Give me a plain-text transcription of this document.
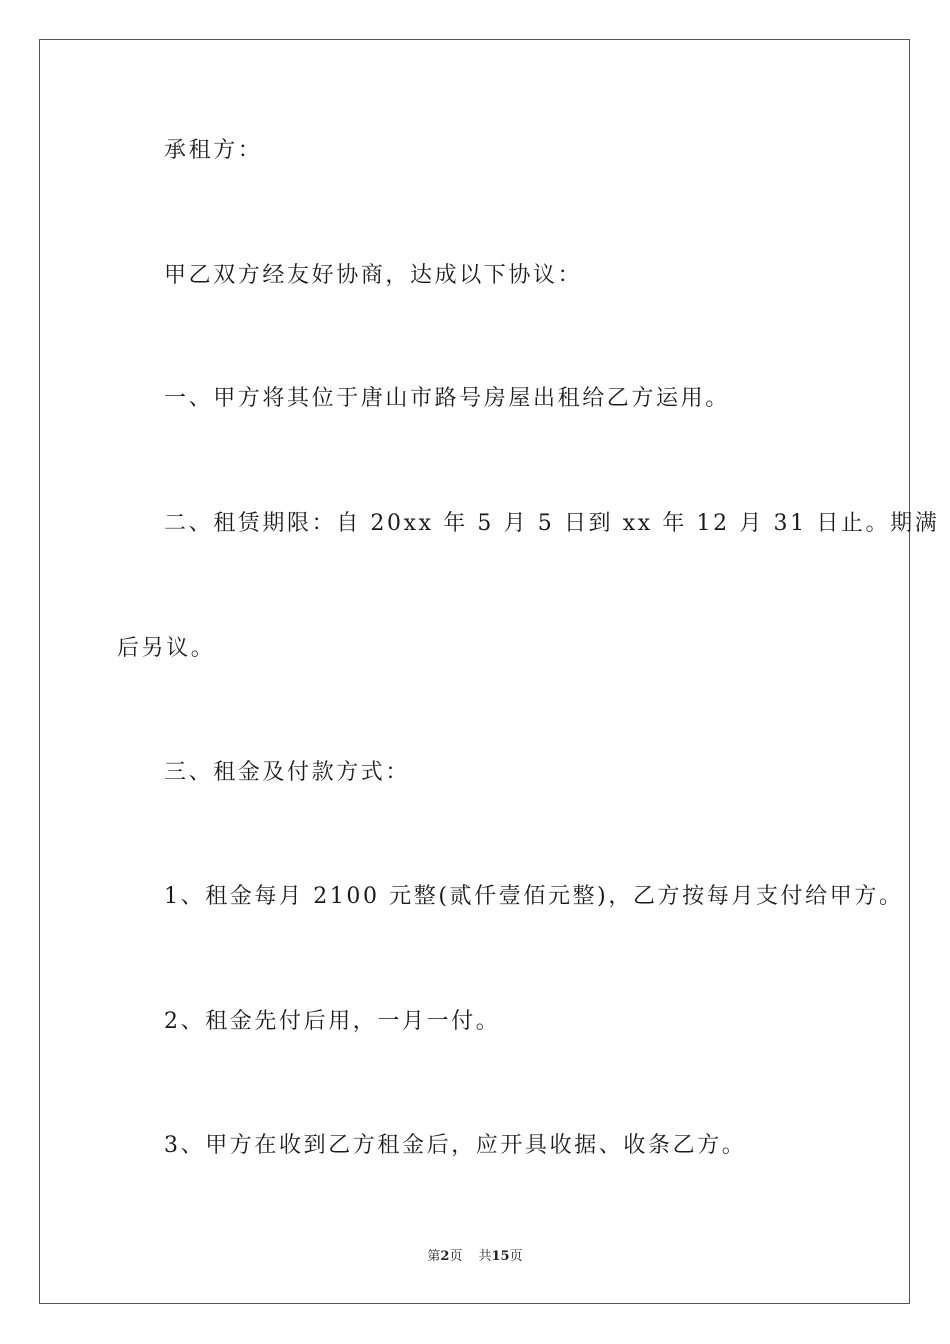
承租方：
甲乙双方经友好协商，达成以下协议：
一、甲方将其位于唐山市路号房屋出租给乙方运用。
二、租赁期限：自 20xx 年 5 月 5 日到 xx 年 12 月 31 日止。期满
后另议。
三、租金及付款方式：
1、租金每月 2100 元整(贰仟壹佰元整)，乙方按每月支付给甲方。
2、租金先付后用，一月一付。
3、甲方在收到乙方租金后，应开具收据、收条乙方。
第2页 共15页
